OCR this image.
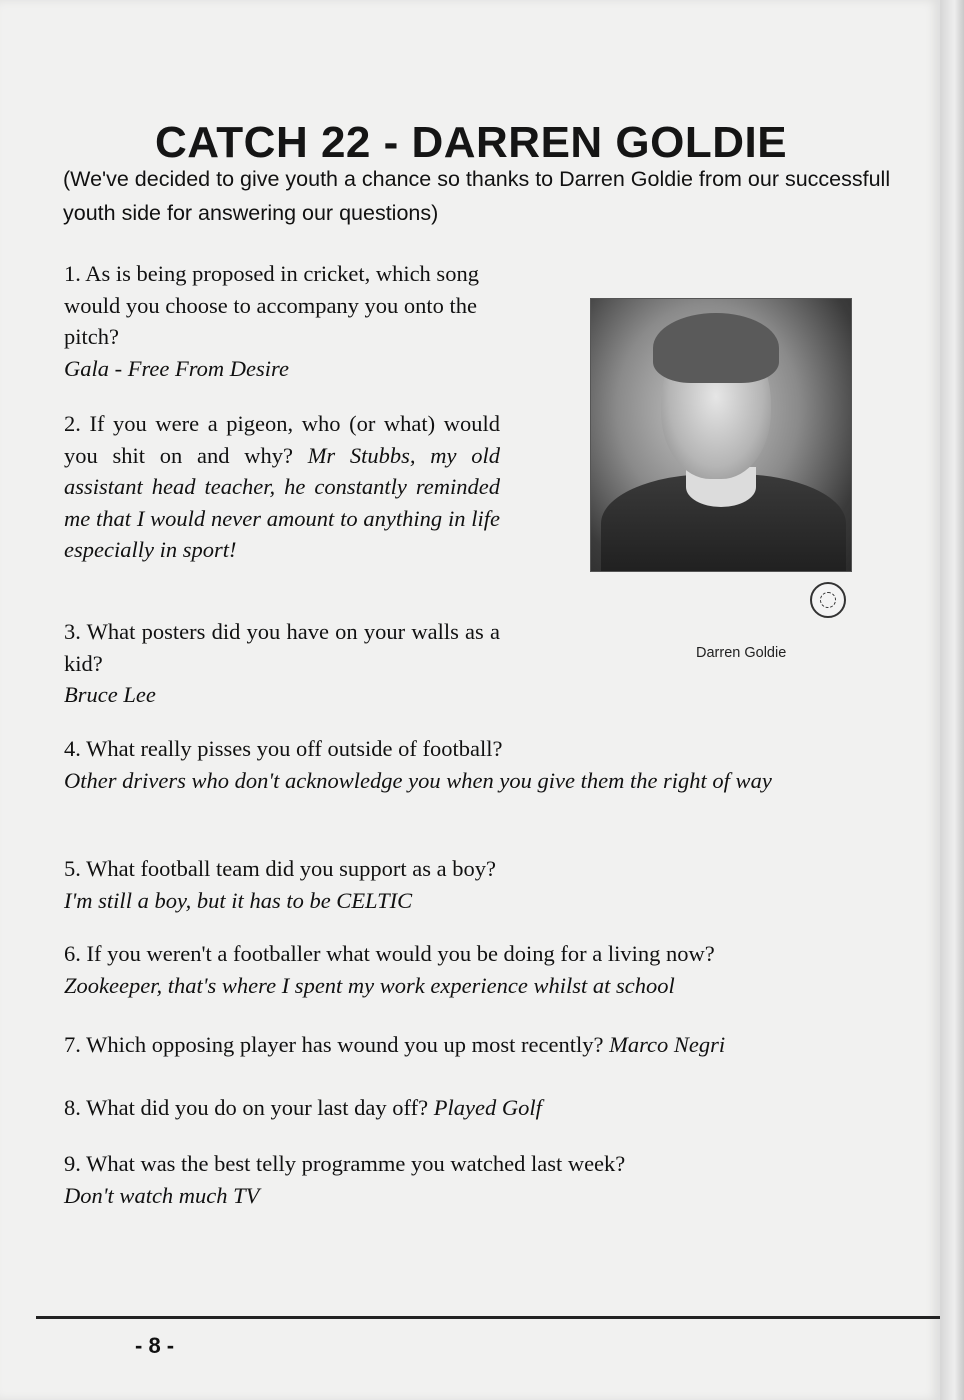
CATCH 22 - DARREN GOLDIE

(We've decided to give youth a chance so thanks to Darren Goldie from our successfull youth side for answering our questions)

1. As is being proposed in cricket, which song would you choose to accompany you onto the pitch?
Gala - Free From Desire

2. If you were a pigeon, who (or what) would you shit on and why? Mr Stubbs, my old assistant head teacher, he constantly reminded me that I would never amount to anything in life especially in sport!

3. What posters did you have on your walls as a kid?
Bruce Lee

4. What really pisses you off outside of football?
Other drivers who don't acknowledge you when you give them the right of way

5. What football team did you support as a boy?
I'm still a boy, but it has to be CELTIC

6. If you weren't a footballer what would you be doing for a living now?
Zookeeper, that's where I spent my work experience whilst at school

7. Which opposing player has wound you up most recently? Marco Negri

8. What did you do on your last day off? Played Golf

9. What was the best telly programme you watched last week?
Don't watch much TV

Darren Goldie

- 8 -
